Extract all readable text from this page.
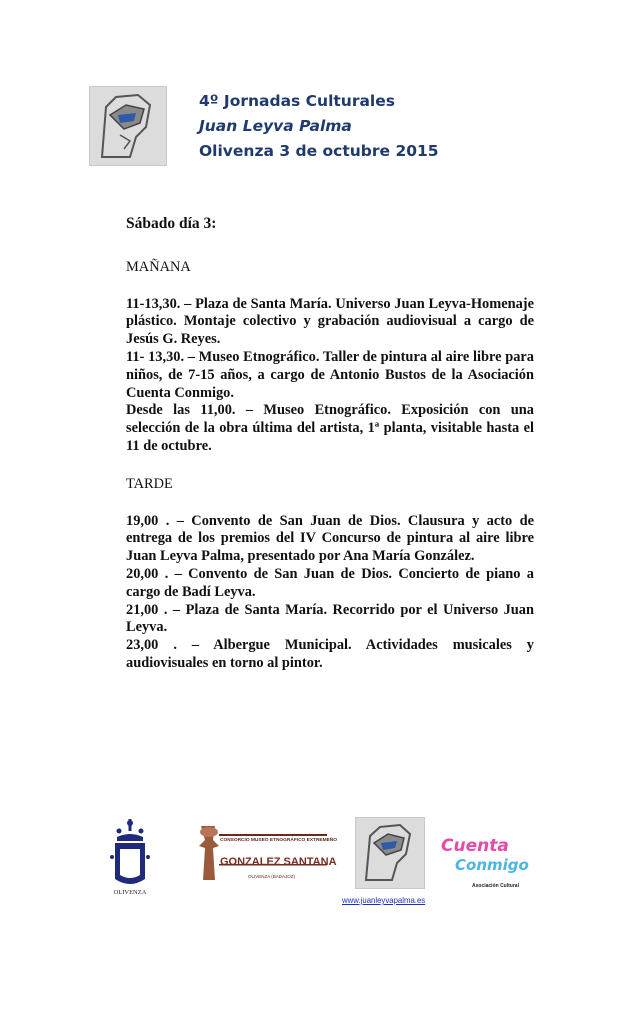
4º Jornadas Culturales
Juan Leyva Palma
Olivenza 3 de octubre 2015
Sábado día 3:
MAÑANA

11-13,30. – Plaza de Santa María. Universo Juan Leyva-Homenaje plástico. Montaje colectivo y grabación audiovisual a cargo de Jesús G. Reyes.

11- 13,30. – Museo Etnográfico. Taller de pintura al aire libre para niños, de 7-15 años, a cargo de Antonio Bustos de la Asociación Cuenta Conmigo.

Desde las 11,00. – Museo Etnográfico. Exposición con una selección de la obra última del artista, 1ª planta, visitable hasta el 11 de octubre.

TARDE

19,00 . – Convento de San Juan de Dios. Clausura y acto de entrega de los premios del IV Concurso de pintura al aire libre Juan Leyva Palma, presentado por Ana María González.

20,00 . – Convento de San Juan de Dios. Concierto de piano a cargo de Badí Leyva.

21,00 . – Plaza de Santa María. Recorrido por el Universo Juan Leyva.

23,00 . – Albergue Municipal. Actividades musicales y audiovisuales en torno al pintor.

OLIVENZA
CONSORCIO MUSEO ETNOGRÁFICO EXTREMEÑO
GONZALEZ SANTANA
OLIVENZA (BADAJOZ)
www.juanleyvapalma.es
Cuenta
Conmigo
Asociación Cultural
